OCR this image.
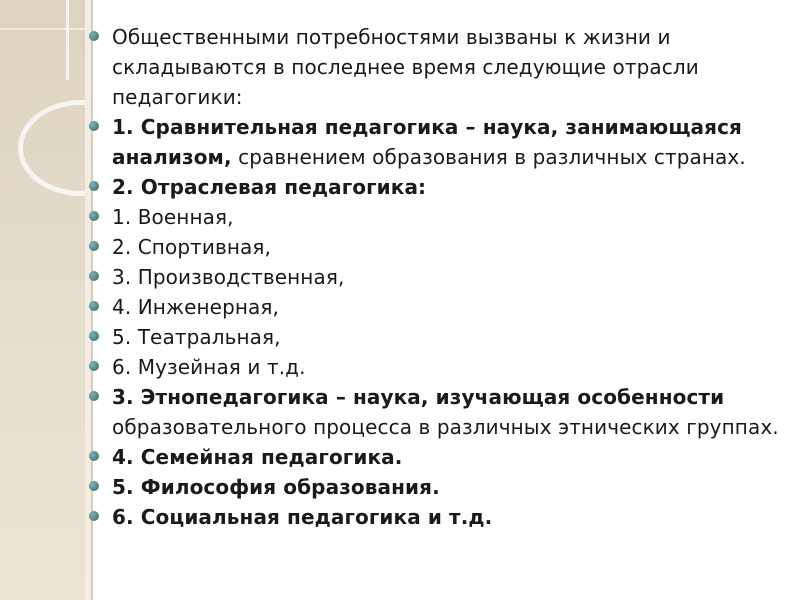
Общественными потребностями вызваны к жизни и складываются в последнее время следующие отрасли педагогики:
1. Сравнительная педагогика – наука, занимающаяся анализом, сравнением образования в различных странах.
2. Отраслевая педагогика:
1. Военная,
2. Спортивная,
3. Производственная,
4. Инженерная,
5. Театральная,
6. Музейная и т.д.
3. Этнопедагогика – наука, изучающая особенности образовательного процесса в различных этнических группах.
4. Семейная педагогика.
5. Философия образования.
6. Социальная педагогика и т.д.
